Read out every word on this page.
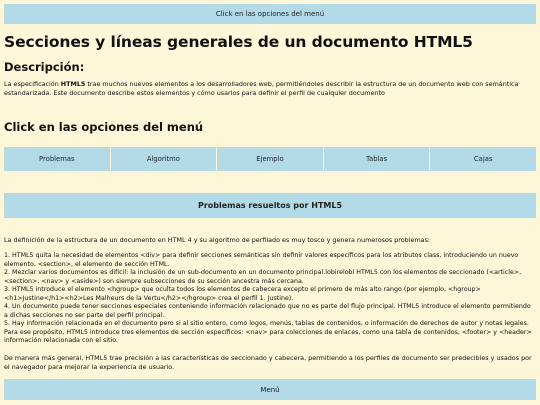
Click en las opciones del menú
Secciones y líneas generales de un documento HTML5
Descripción:

La especificación HTML5 trae muchos nuevos elementos a los desarrolladores web, permitiéndoles describir la estructura de un documento web con semántica estandarizada. Este documento describe estos elementos y cómo usarlos para definir el perfil de cualquier documento

Click en las opciones del menú
Problemas	Algoritmo	Ejemplo	Tablas	Cajas
Problemas resueltos por HTML5

La definición de la estructura de un documento en HTML 4 y su algoritmo de perfilado es muy tosco y genera numerosos problemas:

1. HTML5 quita la necesidad de elementos <div> para definir secciones semánticas sin definir valores específicos para los atributos class, introduciendo un nuevo elemento, <section>, el elemento de sección HTML.
2. Mezclar varios documentos es difícil: la inclusión de un sub-documento en un documento principal.lobirelobl HTML5 con los elementos de seccionado (<article>, <section>, <nav> y <aside>) son siempre subsecciones de su sección ancestra más cercana.
3. HTML5 introduce el elemento <hgroup> que oculta todos los elementos de cabecera excepto el primero de más alto rango (por ejemplo, <hgroup> <h1>Justine</h1><h2>Les Malheurs de la Vertu</h2></hgroup> crea el perfil 1. Justine).
4. Un documento puede tener secciones especiales conteniendo información relacionado que no es parte del flujo principal. HTML5 introduce el elemento permitiendo a dichas secciones no ser parte del perfil principal.
5. Hay información relacionada en el documento pero si al sitio entero, como logos, menús, tablas de contenidos, o información de derechos de autor y notas legales. Para ese propósito, HTML5 introduce tres elementos de sección específicos: <nav> para colecciones de enlaces, como una tabla de contenidos, <footer> y <header> información relacionada con el sitio.

De manera más general, HTML5 trae precisión a las características de seccionado y cabecera, permitiendo a los perfiles de documento ser predecibles y usados por el navegador para mejorar la experiencia de usuario.

Menú
